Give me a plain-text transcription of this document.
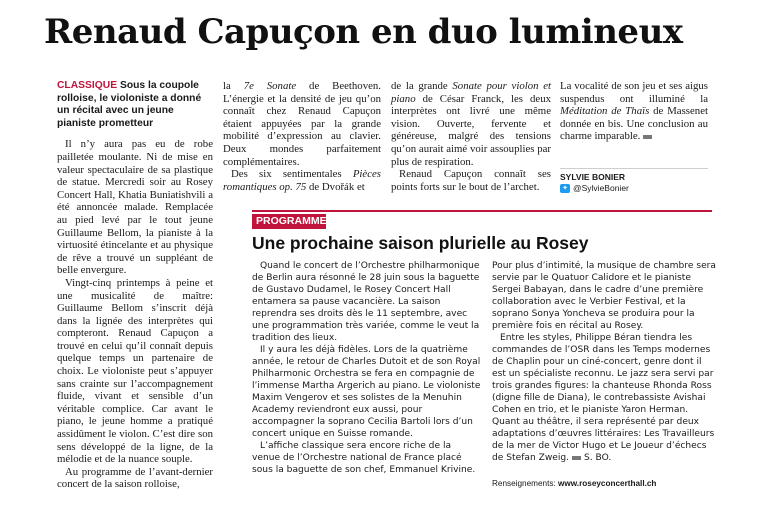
Renaud Capuçon en duo lumineux

CLASSIQUE Sous la coupole rolloise, le violoniste a donné un récital avec un jeune pianiste prometteur

Il n’y aura pas eu de robe pailletée moulante. Ni de mise en valeur spectaculaire de sa plastique de statue. Mercredi soir au Rosey Concert Hall, Khatia Buniatishvili a été annoncée malade. Remplacée au pied levé par le tout jeune Guillaume Bellom, la pianiste à la virtuosité étincelante et au physique de rêve a trouvé un suppléant de belle envergure.

Vingt-cinq printemps à peine et une musicalité de maître: Guillaume Bellom s’inscrit déjà dans la lignée des interprètes qui compteront. Renaud Capuçon a trouvé en celui qu’il connaît depuis quelque temps un partenaire de choix. Le violoniste peut s’appuyer sans crainte sur l’accompagnement fluide, vivant et sensible d’un véritable complice. Car avant le piano, le jeune homme a pratiqué assidûment le violon. C’est dire son sens développé de la ligne, de la mélodie et de la nuance souple.

Au programme de l’avant-dernier concert de la saison rolloise,

la 7e Sonate de Beethoven. L’énergie et la densité de jeu qu’on connaît chez Renaud Capuçon étaient appuyées par la grande mobilité d’expression au clavier. Deux mondes parfaitement complémentaires.

Des six sentimentales Pièces romantiques op. 75 de Dvořák et

de la grande Sonate pour violon et piano de César Franck, les deux interprètes ont livré une même vision. Ouverte, fervente et généreuse, malgré des tensions qu’on aurait aimé voir assouplies par plus de respiration.

Renaud Capuçon connaît ses points forts sur le bout de l’archet.

La vocalité de son jeu et ses aigus suspendus ont illuminé la Méditation de Thaïs de Massenet donnée en bis. Une conclusion au charme imparable.

SYLVIE BONIER
✦ @SylvieBonier
PROGRAMME
Une prochaine saison plurielle au Rosey

Quand le concert de l’Orchestre philharmonique de Berlin aura résonné le 28 juin sous la baguette de Gustavo Dudamel, le Rosey Concert Hall entamera sa pause vacancière. La saison reprendra ses droits dès le 11 septembre, avec une programmation très variée, comme le veut la tradition des lieux.

Il y aura les déjà fidèles. Lors de la quatrième année, le retour de Charles Dutoit et de son Royal Philharmonic Orchestra se fera en compagnie de l’immense Martha Argerich au piano. Le violoniste Maxim Vengerov et ses solistes de la Menuhin Academy reviendront eux aussi, pour accompagner la soprano Cecilia Bartoli lors d’un concert unique en Suisse romande.

L’affiche classique sera encore riche de la venue de l’Orchestre national de France placé sous la baguette de son chef, Emmanuel Krivine.

Pour plus d’intimité, la musique de chambre sera servie par le Quatuor Calidore et le pianiste Sergei Babayan, dans le cadre d’une première collaboration avec le Verbier Festival, et la soprano Sonya Yoncheva se produira pour la première fois en récital au Rosey.

Entre les styles, Philippe Béran tiendra les commandes de l’OSR dans les Temps modernes de Chaplin pour un ciné-concert, genre dont il est un spécialiste reconnu. Le jazz sera servi par trois grandes figures: la chanteuse Rhonda Ross (digne fille de Diana), le contrebassiste Avishai Cohen en trio, et le pianiste Yaron Herman. Quant au théâtre, il sera représenté par deux adaptations d’œuvres littéraires: Les Travailleurs de la mer de Victor Hugo et Le Joueur d’échecs de Stefan Zweig. S. BO.

Renseignements: www.roseyconcerthall.ch
